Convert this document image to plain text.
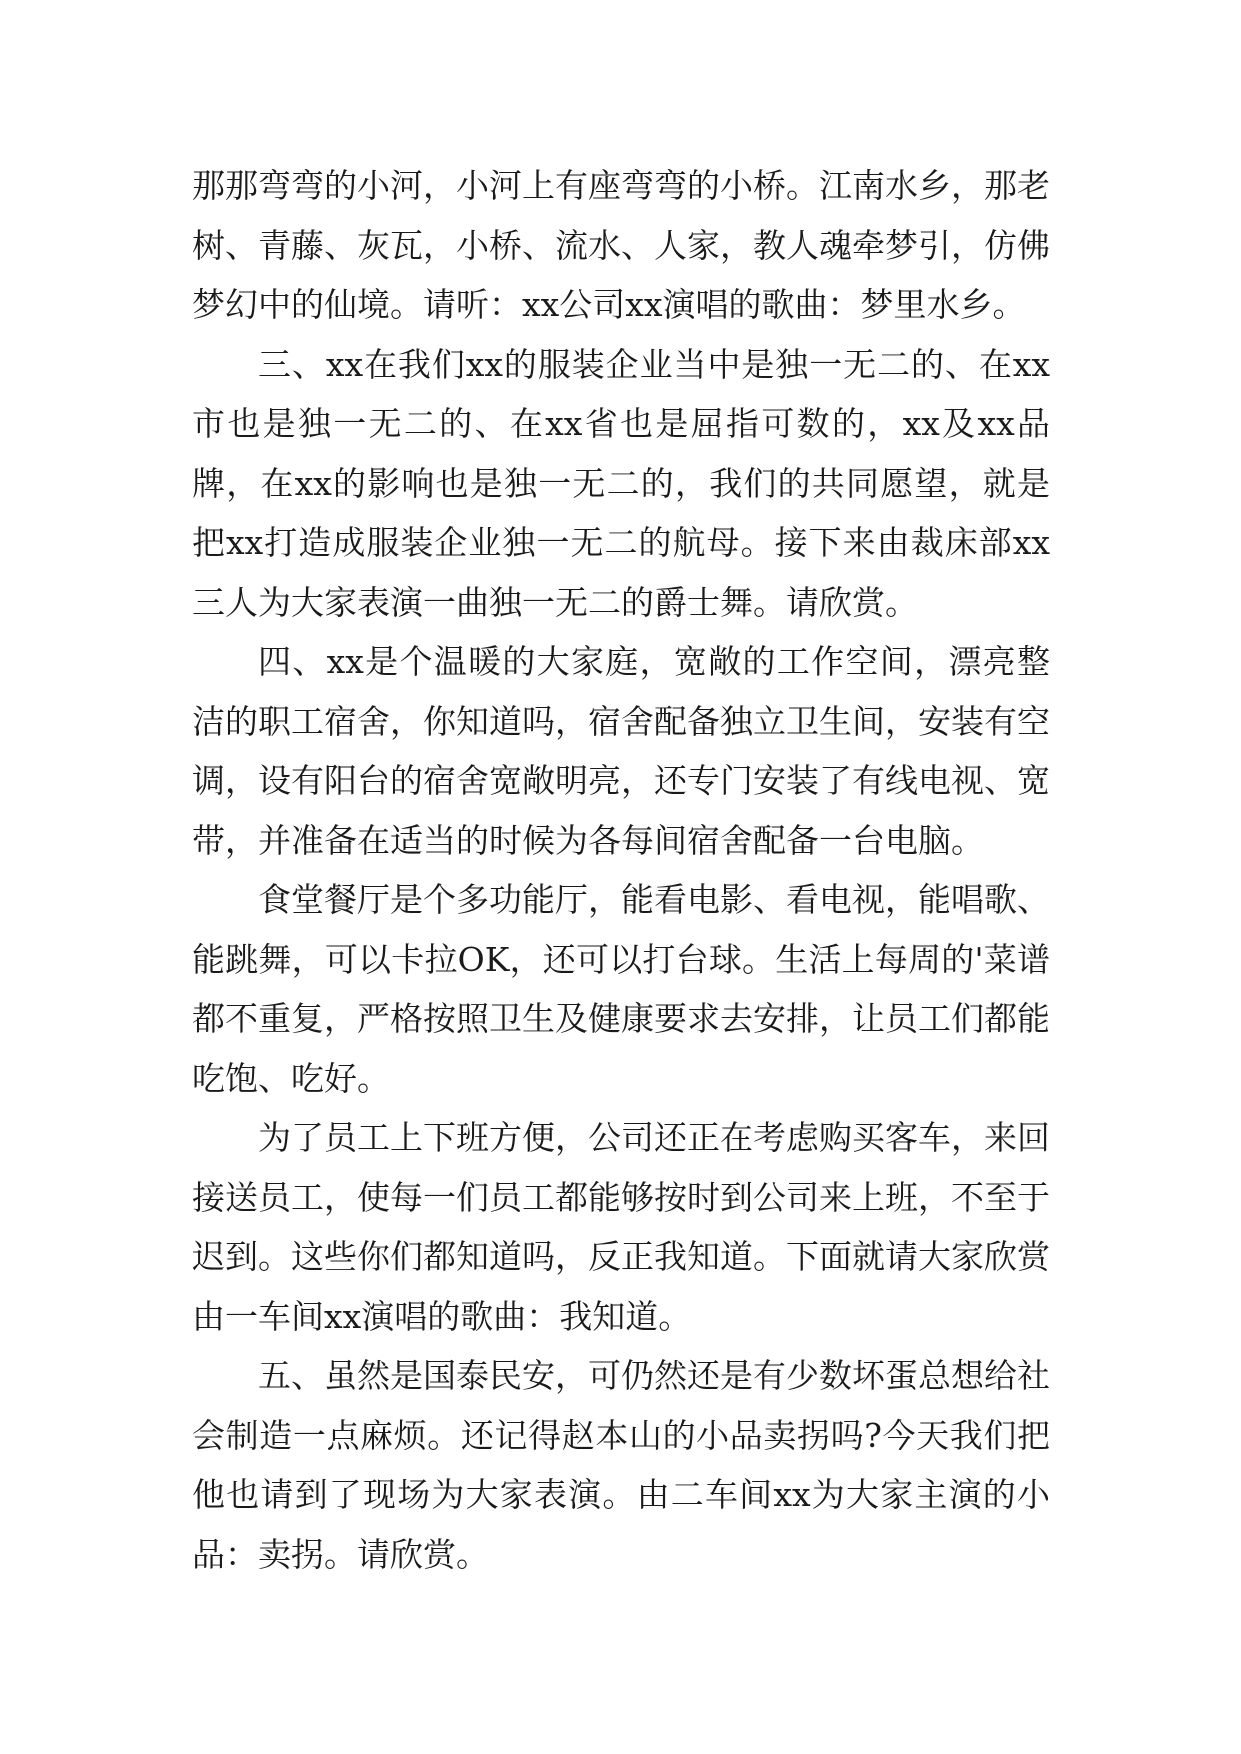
那那弯弯的小河，小河上有座弯弯的小桥。江南水乡，那老树、青藤、灰瓦，小桥、流水、人家，教人魂牵梦引，仿佛梦幻中的仙境。请听：xx公司xx演唱的歌曲：梦里水乡。

三、xx在我们xx的服装企业当中是独一无二的、在xx市也是独一无二的、在xx省也是屈指可数的，xx及xx品牌，在xx的影响也是独一无二的，我们的共同愿望，就是把xx打造成服装企业独一无二的航母。接下来由裁床部xx三人为大家表演一曲独一无二的爵士舞。请欣赏。

四、xx是个温暖的大家庭，宽敞的工作空间，漂亮整洁的职工宿舍，你知道吗，宿舍配备独立卫生间，安装有空调，设有阳台的宿舍宽敞明亮，还专门安装了有线电视、宽带，并准备在适当的时候为各每间宿舍配备一台电脑。

食堂餐厅是个多功能厅，能看电影、看电视，能唱歌、能跳舞，可以卡拉OK，还可以打台球。生活上每周的'菜谱都不重复，严格按照卫生及健康要求去安排，让员工们都能吃饱、吃好。

为了员工上下班方便，公司还正在考虑购买客车，来回接送员工，使每一们员工都能够按时到公司来上班，不至于迟到。这些你们都知道吗，反正我知道。下面就请大家欣赏由一车间xx演唱的歌曲：我知道。

五、虽然是国泰民安，可仍然还是有少数坏蛋总想给社会制造一点麻烦。还记得赵本山的小品卖拐吗?今天我们把他也请到了现场为大家表演。由二车间xx为大家主演的小品：卖拐。请欣赏。
